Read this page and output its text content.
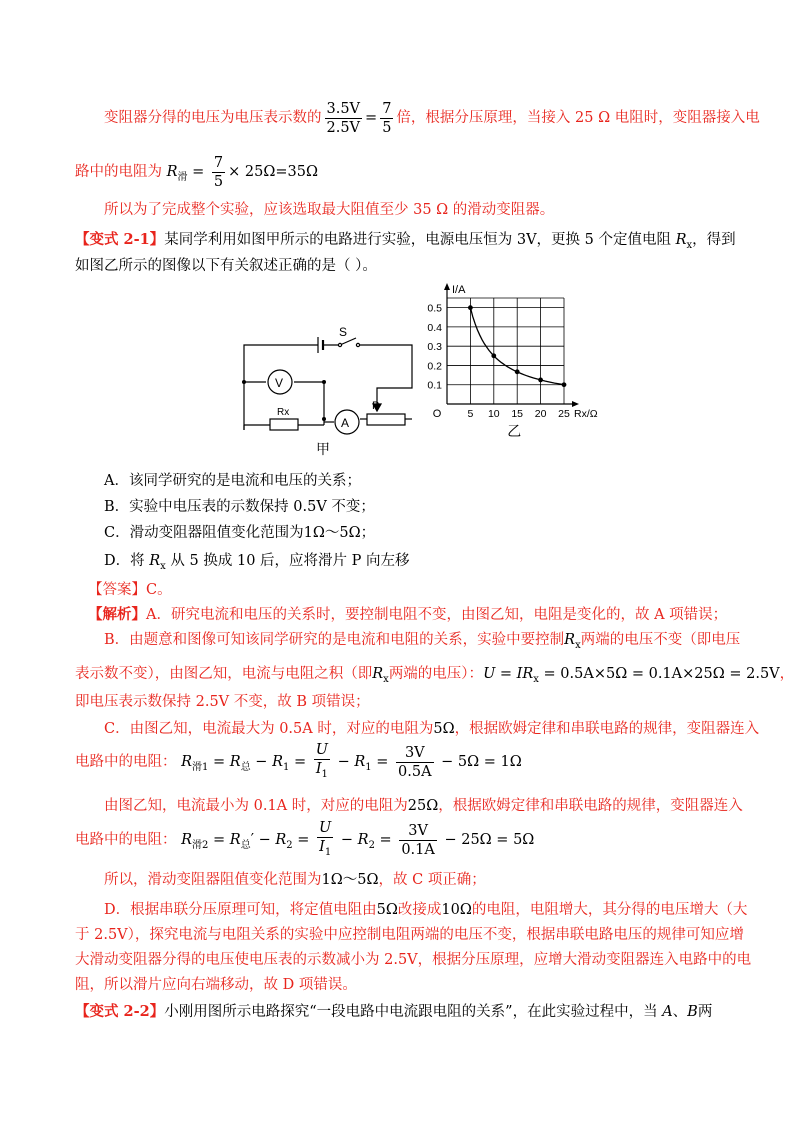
变阻器分得的电压为电压表示数的 $\frac{3.5V}{2.5V} = \frac{7}{5}$ 倍，根据分压原理，当接入 25 Ω 电阻时，变阻器接入电
路中的电阻为 $R_滑 = \frac{7}{5} \times 25\Omega=35\Omega$
所以为了完成整个实验，应该选取最大阻值至少 35 Ω 的滑动变阻器。
【变式 2-1】某同学利用如图甲所示的电路进行实验，电源电压恒为 3V，更换 5 个定值电阻 $R_x$，得到
如图乙所示的图像以下有关叙述正确的是（ ）。
S
V
A
Rx
P
甲
5 10 15 20 25
0.1
0.2
0.3
0.4
0.5
O
I/A
Rx/Ω
乙
A．该同学研究的是电流和电压的关系；
B．实验中电压表的示数保持 0.5V 不变；
C．滑动变阻器阻值变化范围为1Ω～5Ω；
D．将 $R_x$ 从 5 换成 10 后，应将滑片 P 向左移
【答案】C。
【解析】A．研究电流和电压的关系时，要控制电阻不变，由图乙知，电阻是变化的，故 A 项错误；
B．由题意和图像可知该同学研究的是电流和电阻的关系，实验中要控制$R_x$两端的电压不变（即电压
表示数不变），由图乙知，电流与电阻之积（即$R_x$两端的电压）：$U = IR_x = 0.5A\times 5\Omega = 0.1A\times 25\Omega = 2.5V$，
即电压表示数保持 2.5V 不变，故 B 项错误；
C．由图乙知，电流最大为 0.5A 时，对应的电阻为5Ω，根据欧姆定律和串联电路的规律，变阻器连入
电路中的电阻： $R_{滑1} = R_总 - R_1 = \frac{U}{I_1} - R_1 = \frac{3V}{0.5A} - 5\Omega = 1\Omega$
由图乙知，电流最小为 0.1A 时，对应的电阻为25Ω，根据欧姆定律和串联电路的规律，变阻器连入
电路中的电阻： $R_{滑2} = R_总' - R_2 = \frac{U}{I_1} - R_2 = \frac{3V}{0.1A} - 25\Omega = 5\Omega$
所以，滑动变阻器阻值变化范围为1Ω～5Ω，故 C 项正确；
D．根据串联分压原理可知，将定值电阻由5Ω改接成10Ω的电阻，电阻增大，其分得的电压增大（大
于 2.5V），探究电流与电阻关系的实验中应控制电阻两端的电压不变，根据串联电路电压的规律可知应增
大滑动变阻器分得的电压使电压表的示数减小为 2.5V，根据分压原理，应增大滑动变阻器连入电路中的电
阻，所以滑片应向右端移动，故 D 项错误。
【变式 2-2】小刚用图所示电路探究“一段电路中电流跟电阻的关系”，在此实验过程中，当 A、B两
